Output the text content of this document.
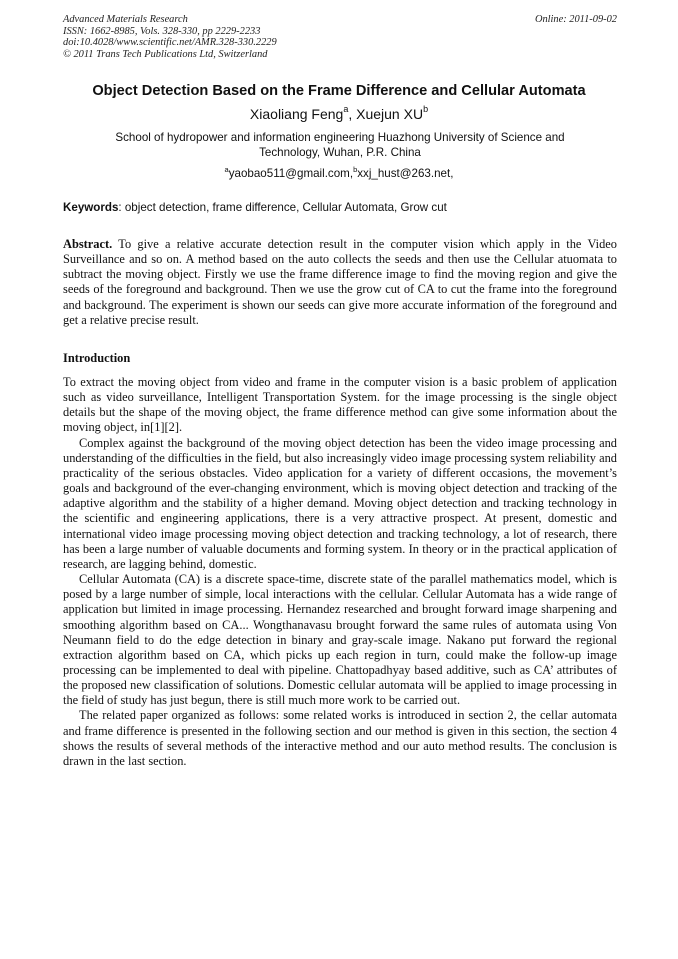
Advanced Materials Research
ISSN: 1662-8985, Vols. 328-330, pp 2229-2233
doi:10.4028/www.scientific.net/AMR.328-330.2229
© 2011 Trans Tech Publications Ltd, Switzerland
Online: 2011-09-02
Object Detection Based on the Frame Difference and Cellular Automata
Xiaoliang Feng$^a$, Xuejun $XU^b$
School of hydropower and information engineering Huazhong University of Science and Technology, Wuhan, P.R. China
$^a$yaobao511@gmail.com,$^b$xxj_hust@263.net,
Keywords: object detection, frame difference, Cellular Automata, Grow cut
Abstract. To give a relative accurate detection result in the computer vision which apply in the Video Surveillance and so on. A method based on the auto collects the seeds and then use the Cellular atuomata to subtract the moving object. Firstly we use the frame difference image to find the moving region and give the seeds of the foreground and background. Then we use the grow cut of CA to cut the frame into the foreground and background. The experiment is shown our seeds can give more accurate information of the foreground and get a relative precise result.
Introduction

To extract the moving object from video and frame in the computer vision is a basic problem of application such as video surveillance, Intelligent Transportation System. for the image processing is the single object details but the shape of the moving object, the frame difference method can give some information about the moving object, in[1][2].

Complex against the background of the moving object detection has been the video image processing and understanding of the difficulties in the field, but also increasingly video image processing system reliability and practicality of the serious obstacles. Video application for a variety of different occasions, the movement’s goals and background of the ever-changing environment, which is moving object detection and tracking of the adaptive algorithm and the stability of a higher demand. Moving object detection and tracking technology in the scientific and engineering applications, there is a very attractive prospect. At present, domestic and international video image processing moving object detection and tracking technology, a lot of research, there has been a large number of valuable documents and forming system. In theory or in the practical application of research, are lagging behind, domestic.

Cellular Automata (CA) is a discrete space-time, discrete state of the parallel mathematics model, which is posed by a large number of simple, local interactions with the cellular. Cellular Automata has a wide range of application but limited in image processing. Hernandez researched and brought forward image sharpening and smoothing algorithm based on CA... Wongthanavasu brought forward the same rules of automata using Von Neumann field to do the edge detection in binary and gray-scale image. Nakano put forward the regional extraction algorithm based on CA, which picks up each region in turn, could make the follow-up image processing can be implemented to deal with pipeline. Chattopadhyay based additive, such as CA’ attributes of the proposed new classification of solutions. Domestic cellular automata will be applied to image processing in the field of study has just begun, there is still much more work to be carried out.

The related paper organized as follows: some related works is introduced in section 2, the cellar automata and frame difference is presented in the following section and our method is given in this section, the section 4 shows the results of several methods of the interactive method and our auto method results. The conclusion is drawn in the last section.
